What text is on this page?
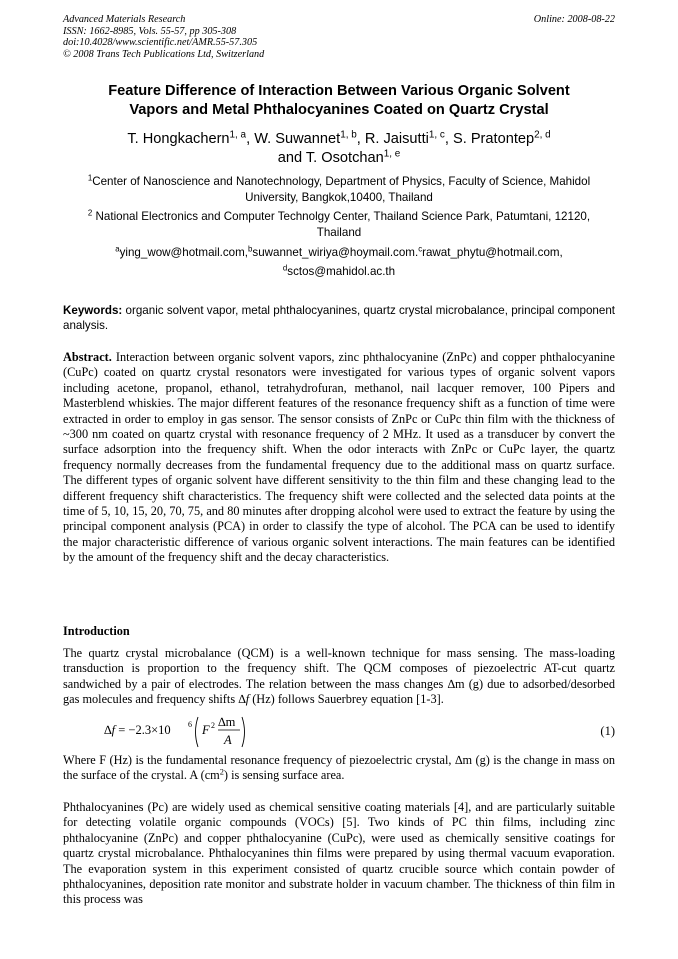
Advanced Materials Research
ISSN: 1662-8985, Vols. 55-57, pp 305-308
doi:10.4028/www.scientific.net/AMR.55-57.305
© 2008 Trans Tech Publications Ltd, Switzerland
Online: 2008-08-22
Feature Difference of Interaction Between Various Organic Solvent
Vapors and Metal Phthalocyanines Coated on Quartz Crystal
T. Hongkachern$^{1, a}$, W. Suwannet$^{1, b}$, R. Jaisutti$^{1, c}$, S. Pratontep$^{2, d}$
and T. Osotchan$^{1, e}$
$^1$Center of Nanoscience and Nanotechnology, Department of Physics, Faculty of Science, Mahidol
University, Bangkok,10400, Thailand
$^2$ National Electronics and Computer Technolgy Center, Thailand Science Park, Patumtani, 12120,
Thailand
$^a$ying_wow@hotmail.com,$^b$suwannet_wiriya@hoymail.com.$^c$rawat_phytu@hotmail.com,
$^d$sctos@mahidol.ac.th
Keywords: organic solvent vapor, metal phthalocyanines, quartz crystal microbalance, principal component analysis.
Abstract. Interaction between organic solvent vapors, zinc phthalocyanine (ZnPc) and copper phthalocyanine (CuPc) coated on quartz crystal resonators were investigated for various types of organic solvent vapors including acetone, propanol, ethanol, tetrahydrofuran, methanol, nail lacquer remover, 100 Pipers and Masterblend whiskies. The major different features of the resonance frequency shift as a function of time were extracted in order to employ in gas sensor. The sensor consists of ZnPc or CuPc thin film with the thickness of ~300 nm coated on quartz crystal with resonance frequency of 2 MHz. It used as a transducer by convert the surface adsorption into the frequency shift. When the odor interacts with ZnPc or CuPc layer, the quartz frequency normally decreases from the fundamental frequency due to the additional mass on quartz surface. The different types of organic solvent have different sensitivity to the thin film and these changing lead to the different frequency shift characteristics. The frequency shift were collected and the selected data points at the time of 5, 10, 15, 20, 70, 75, and 80 minutes after dropping alcohol were used to extract the feature by using the principal component analysis (PCA) in order to classify the type of alcohol. The PCA can be used to identify the major characteristic difference of various organic solvent interactions. The main features can be identified by the amount of the frequency shift and the decay characteristics.
Introduction
The quartz crystal microbalance (QCM) is a well-known technique for mass sensing. The mass-loading transduction is proportion to the frequency shift. The QCM composes of piezoelectric AT-cut quartz sandwiched by a pair of electrodes. The relation between the mass changes ∆m (g) due to adsorbed/desorbed gas molecules and frequency shifts ∆f (Hz) follows Sauerbrey equation [1-3].
∆f = −2.3×10 6 F 2 ∆m
A
(1)
Where F (Hz) is the fundamental resonance frequency of piezoelectric crystal, ∆m (g) is the change in mass on the surface of the crystal. A $(cm^2)$ is sensing surface area.
Phthalocyanines (Pc) are widely used as chemical sensitive coating materials [4], and are particularly suitable for detecting volatile organic compounds (VOCs) [5]. Two kinds of PC thin films, including zinc phthalocyanine (ZnPc) and copper phthalocyanine (CuPc), were used as chemically sensitive coatings for quartz crystal microbalance. Phthalocyanines thin films were prepared by using thermal vacuum evaporation. The evaporation system in this experiment consisted of quartz crucible source which contain powder of phthalocyanines, deposition rate monitor and substrate holder in vacuum chamber. The thickness of thin film in this process was
